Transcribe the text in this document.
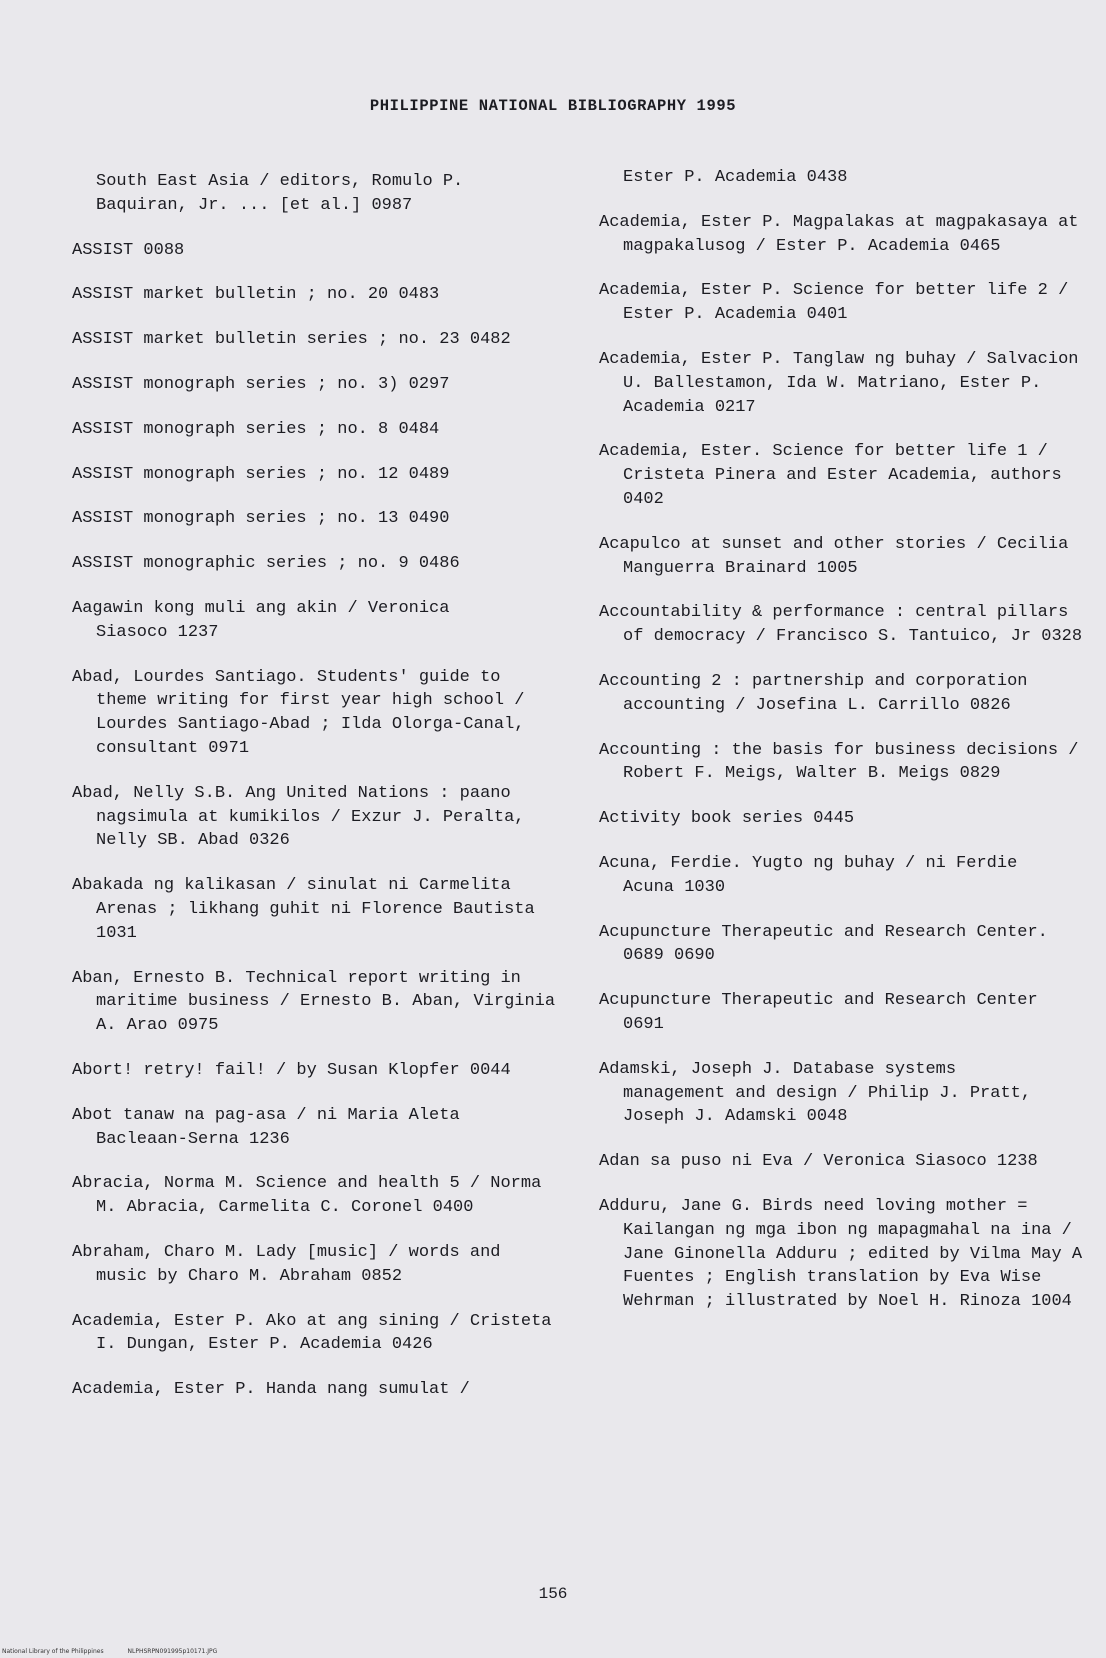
PHILIPPINE NATIONAL BIBLIOGRAPHY 1995

South East Asia / editors, Romulo P. Baquiran, Jr. ... [et al.] 0987

ASSIST 0088

ASSIST market bulletin ; no. 20 0483

ASSIST market bulletin series ; no. 23 0482

ASSIST monograph series ; no. 3) 0297

ASSIST monograph series ; no. 8 0484

ASSIST monograph series ; no. 12 0489

ASSIST monograph series ; no. 13 0490

ASSIST monographic series ; no. 9 0486

Aagawin kong muli ang akin / Veronica Siasoco 1237

Abad, Lourdes Santiago. Students' guide to theme writing for first year high school / Lourdes Santiago-Abad ; Ilda Olorga-Canal, consultant 0971

Abad, Nelly S.B. Ang United Nations : paano nagsimula at kumikilos / Exzur J. Peralta, Nelly SB. Abad 0326

Abakada ng kalikasan / sinulat ni Carmelita Arenas ; likhang guhit ni Florence Bautista 1031

Aban, Ernesto B. Technical report writing in maritime business / Ernesto B. Aban, Virginia A. Arao 0975

Abort! retry! fail! / by Susan Klopfer 0044

Abot tanaw na pag-asa / ni Maria Aleta Bacleaan-Serna 1236

Abracia, Norma M. Science and health 5 / Norma M. Abracia, Carmelita C. Coronel 0400

Abraham, Charo M. Lady [music] / words and music by Charo M. Abraham 0852

Academia, Ester P. Ako at ang sining / Cristeta I. Dungan, Ester P. Academia 0426

Academia, Ester P. Handa nang sumulat /

Ester P. Academia 0438

Academia, Ester P. Magpalakas at magpakasaya at magpakalusog / Ester P. Academia 0465

Academia, Ester P. Science for better life 2 / Ester P. Academia 0401

Academia, Ester P. Tanglaw ng buhay / Salvacion U. Ballestamon, Ida W. Matriano, Ester P. Academia 0217

Academia, Ester. Science for better life 1 / Cristeta Pinera and Ester Academia, authors 0402

Acapulco at sunset and other stories / Cecilia Manguerra Brainard 1005

Accountability & performance : central pillars of democracy / Francisco S. Tantuico, Jr 0328

Accounting 2 : partnership and corporation accounting / Josefina L. Carrillo 0826

Accounting : the basis for business decisions / Robert F. Meigs, Walter B. Meigs 0829

Activity book series 0445

Acuna, Ferdie. Yugto ng buhay / ni Ferdie Acuna 1030

Acupuncture Therapeutic and Research Center. 0689 0690

Acupuncture Therapeutic and Research Center 0691

Adamski, Joseph J. Database systems management and design / Philip J. Pratt, Joseph J. Adamski 0048

Adan sa puso ni Eva / Veronica Siasoco 1238

Adduru, Jane G. Birds need loving mother = Kailangan ng mga ibon ng mapagmahal na ina / Jane Ginonella Adduru ; edited by Vilma May A Fuentes ; English translation by Eva Wise Wehrman ; illustrated by Noel H. Rinoza 1004

156
National Library of the Philippines	NLPHSRPN091995p10171.JPG
